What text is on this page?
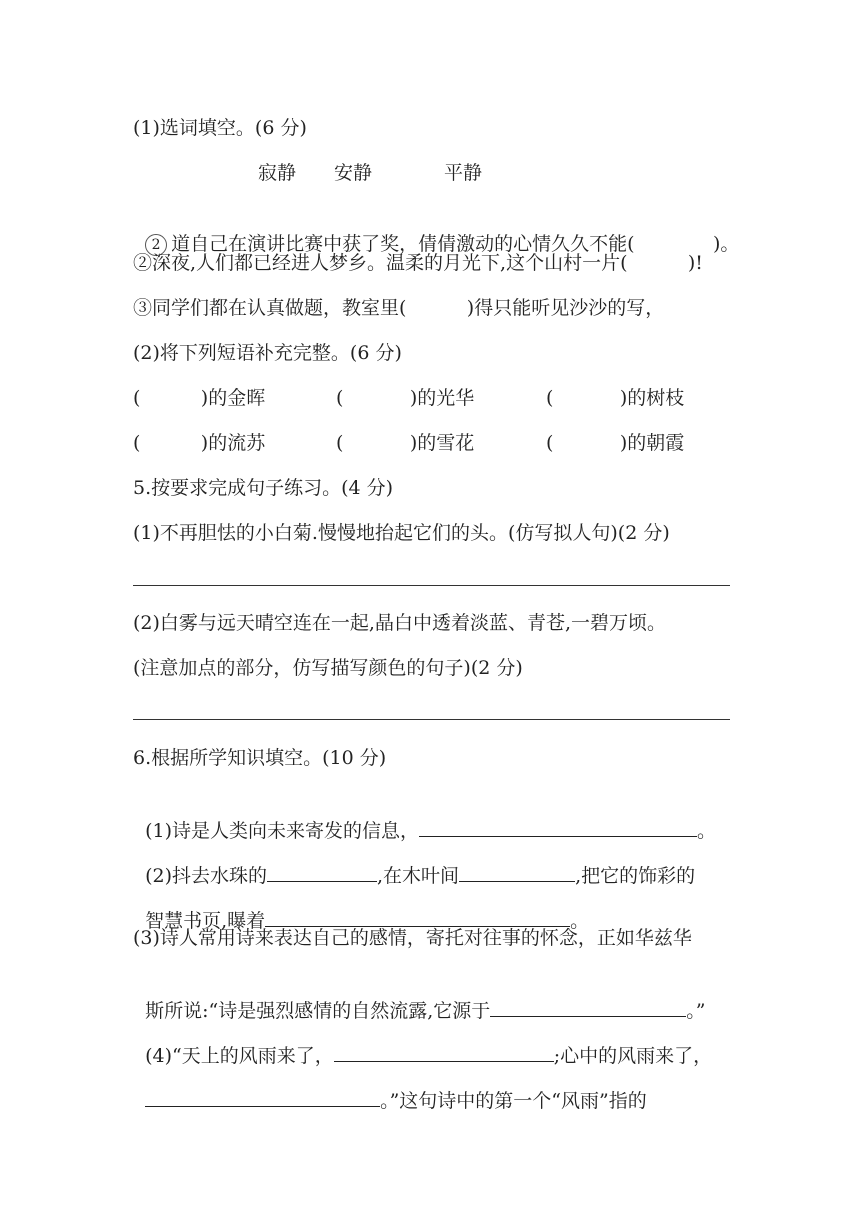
(1)选词填空。(6 分)
寂静 安静	平静

2 道自己在演讲比赛中获了奖，倩倩激动的心情久久不能(             )。

②深夜,人们都已经进人梦乡。温柔的月光下,这个山村一片(          )!
③同学们都在认真做题，教室里(          )得只能听见沙沙的写，
(2)将下列短语补充完整。(6 分)
(          )的金晖	(           )的光华	(           )的树枝
(          )的流苏	(           )的雪花	(           )的朝霞
5.按要求完成句子练习。(4 分)
(1)不再胆怯的小白菊.慢慢地抬起它们的头。(仿写拟人句)(2 分)
(2)白雾与远天晴空连在一起,晶白中透着淡蓝、青苍,一碧万顷。
(注意加点的部分，仿写描写颜色的句子)(2 分)
6.根据所学知识填空。(10 分)

(1)诗是人类向未来寄发的信息，	。

(2)抖去水珠的	,在木叶间	,把它的饰彩的

智慧书页,曝着	。

(3)诗人常用诗来表达自己的感情，寄托对往事的怀念，正如华兹华

斯所说:“诗是强烈感情的自然流露,它源于	。”

(4)“天上的风雨来了，	;心中的风雨来了，

。”这句诗中的第一个“风雨”指的
